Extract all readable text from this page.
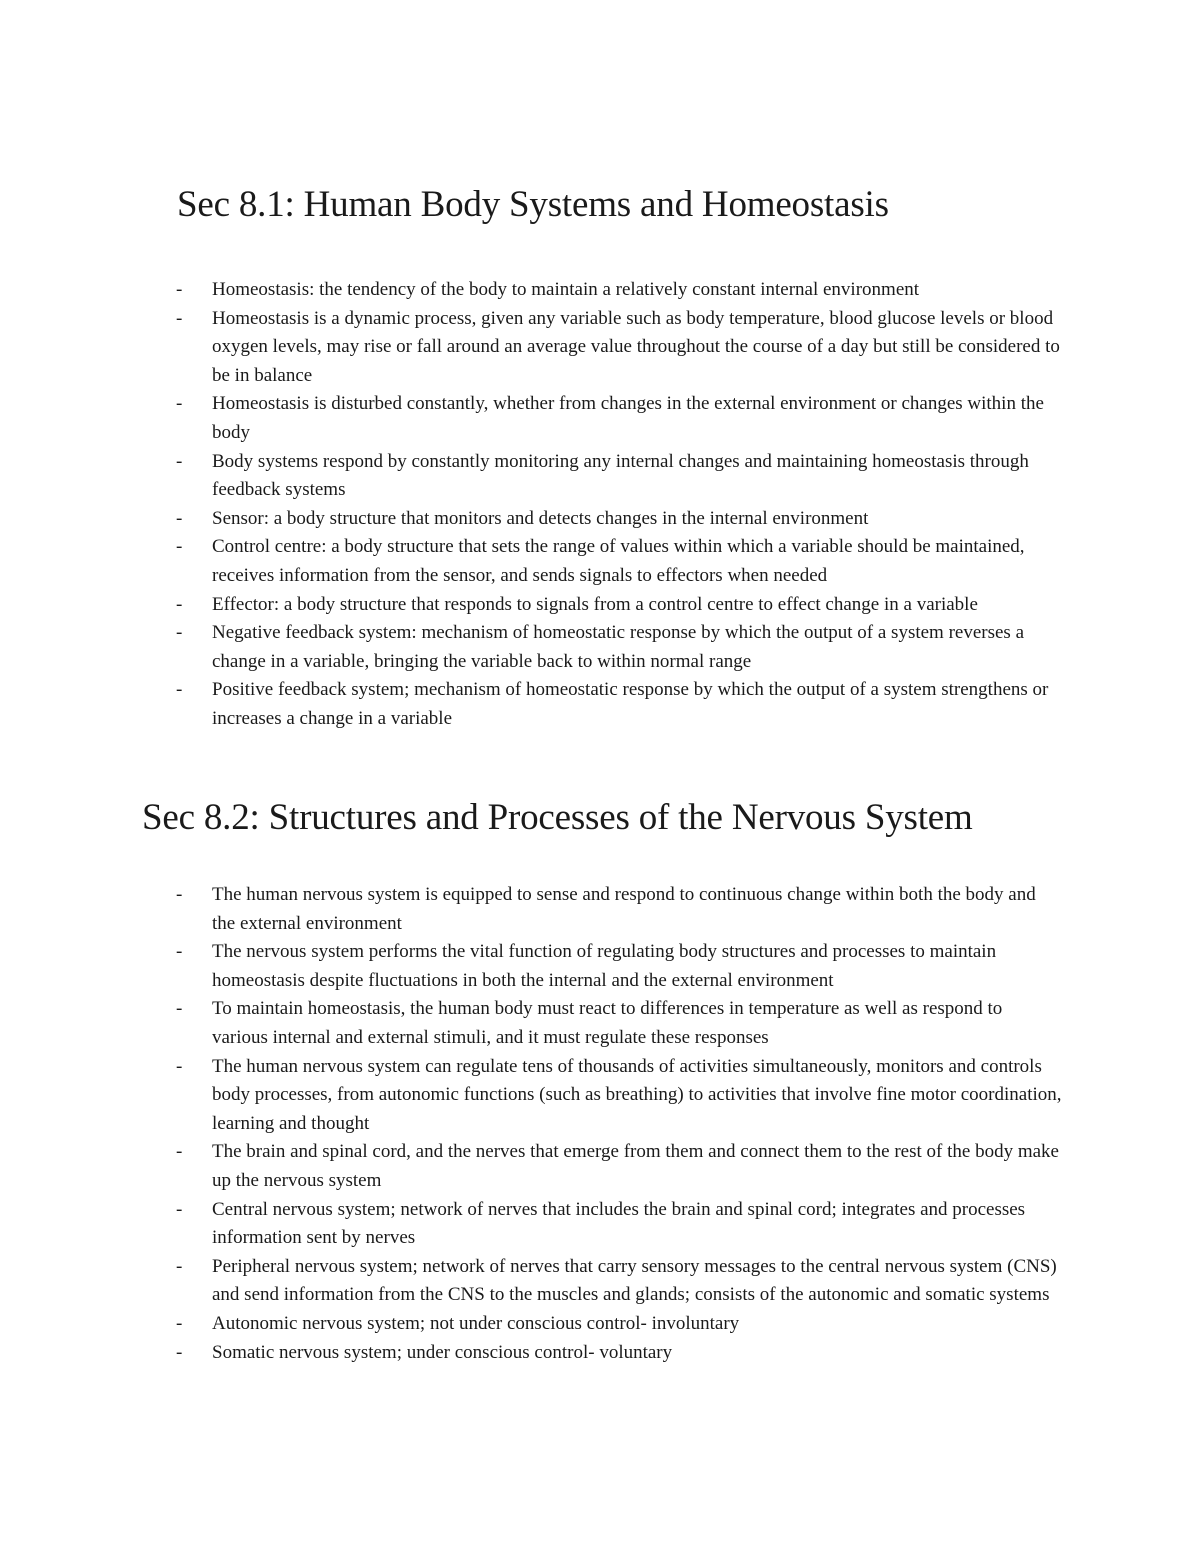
Sec 8.1: Human Body Systems and Homeostasis
- Homeostasis: the tendency of the body to maintain a relatively constant internal environment
- Homeostasis is a dynamic process, given any variable such as body temperature, blood glucose levels or blood oxygen levels, may rise or fall around an average value throughout the course of a day but still be considered to be in balance
- Homeostasis is disturbed constantly, whether from changes in the external environment or changes within the body
- Body systems respond by constantly monitoring any internal changes and maintaining homeostasis through feedback systems
- Sensor: a body structure that monitors and detects changes in the internal environment
- Control centre: a body structure that sets the range of values within which a variable should be maintained, receives information from the sensor, and sends signals to effectors when needed
- Effector: a body structure that responds to signals from a control centre to effect change in a variable
- Negative feedback system: mechanism of homeostatic response by which the output of a system reverses a change in a variable, bringing the variable back to within normal range
- Positive feedback system; mechanism of homeostatic response by which the output of a system strengthens or increases a change in a variable
Sec 8.2: Structures and Processes of the Nervous System
- The human nervous system is equipped to sense and respond to continuous change within both the body and the external environment
- The nervous system performs the vital function of regulating body structures and processes to maintain homeostasis despite fluctuations in both the internal and the external environment
- To maintain homeostasis, the human body must react to differences in temperature as well as respond to various internal and external stimuli, and it must regulate these responses
- The human nervous system can regulate tens of thousands of activities simultaneously, monitors and controls body processes, from autonomic functions (such as breathing) to activities that involve fine motor coordination, learning and thought
- The brain and spinal cord, and the nerves that emerge from them and connect them to the rest of the body make up the nervous system
- Central nervous system; network of nerves that includes the brain and spinal cord; integrates and processes information sent by nerves
- Peripheral nervous system; network of nerves that carry sensory messages to the central nervous system (CNS) and send information from the CNS to the muscles and glands; consists of the autonomic and somatic systems
- Autonomic nervous system; not under conscious control- involuntary
- Somatic nervous system; under conscious control- voluntary
